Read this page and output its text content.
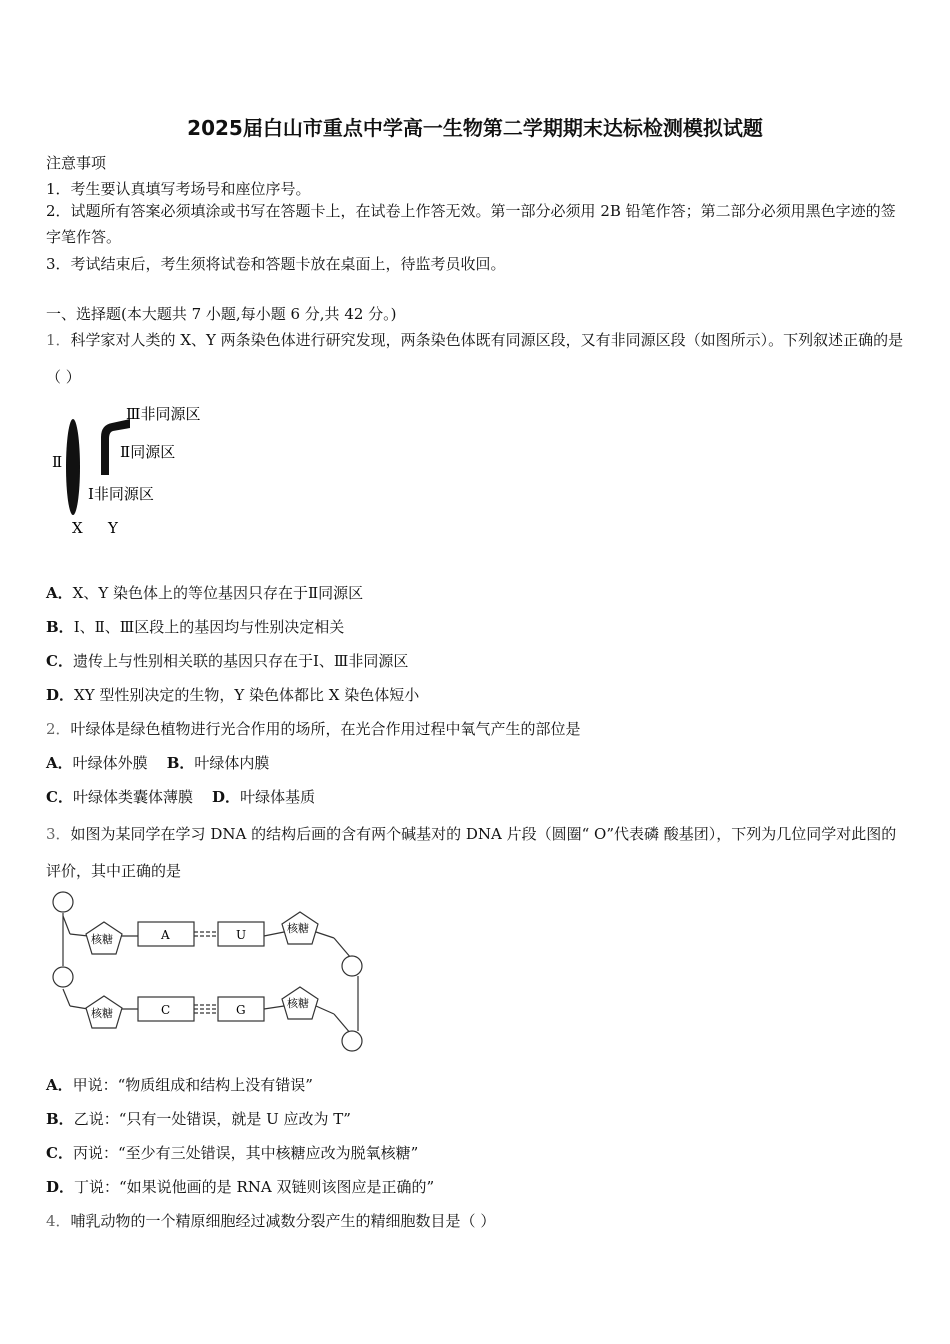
2025届白山市重点中学高一生物第二学期期末达标检测模拟试题
注意事项
1．考生要认真填写考场号和座位序号。
2．试题所有答案必须填涂或书写在答题卡上，在试卷上作答无效。第一部分必须用 2B 铅笔作答；第二部分必须用黑色字迹的签字笔作答。
3．考试结束后，考生须将试卷和答题卡放在桌面上，待监考员收回。
一、选择题(本大题共 7 小题,每小题 6 分,共 42 分。)
1．科学家对人类的 X、Y 两条染色体进行研究发现，两条染色体既有同源区段，又有非同源区段（如图所示）。下列叙述正确的是（ ）
Ⅲ非同源区
Ⅱ同源区
Ⅱ
Ⅰ非同源区
X Y
A．X、Y 染色体上的等位基因只存在于Ⅱ同源区
B．Ⅰ、Ⅱ、Ⅲ区段上的基因均与性别决定相关
C．遗传上与性别相关联的基因只存在于Ⅰ、Ⅲ非同源区
D．XY 型性别决定的生物，Y 染色体都比 X 染色体短小
2．叶绿体是绿色植物进行光合作用的场所，在光合作用过程中氧气产生的部位是
A．叶绿体外膜 B．叶绿体内膜
C．叶绿体类囊体薄膜 D．叶绿体基质
3．如图为某同学在学习 DNA 的结构后画的含有两个碱基对的 DNA 片段（圆圈“ O”代表磷 酸基团），下列为几位同学对此图的评价，其中正确的是
核糖
核糖
核糖
核糖
A	U
C	G
A．甲说：“物质组成和结构上没有错误”
B．乙说：“只有一处错误，就是 U 应改为 T”
C．丙说：“至少有三处错误，其中核糖应改为脱氧核糖”
D．丁说：“如果说他画的是 RNA 双链则该图应是正确的”
4．哺乳动物的一个精原细胞经过减数分裂产生的精细胞数目是（ ）
